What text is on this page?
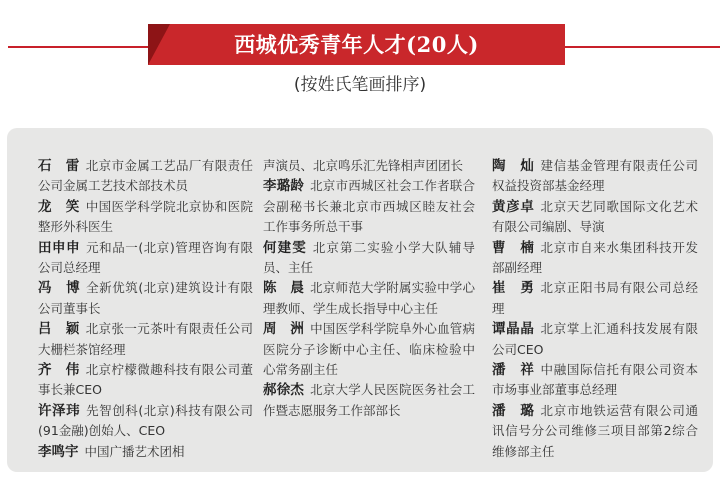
西城优秀青年人才(20人)
(按姓氏笔画排序)
石　雷 北京市金属工艺品厂有限责任公司金属工艺技术部技术员
龙　笑 中国医学科学院北京协和医院整形外科医生
田申申 元和品一(北京)管理咨询有限公司总经理
冯　博 全新优筑(北京)建筑设计有限公司董事长
吕　颖 北京张一元茶叶有限责任公司大栅栏茶馆经理
齐　伟 北京柠檬微趣科技有限公司董事长兼CEO
许泽玮 先智创科(北京)科技有限公司(91金融)创始人、CEO
李鸣宇 中国广播艺术团相
声演员、北京鸣乐汇先锋相声团团长
李璐龄 北京市西城区社会工作者联合会副秘书长兼北京市西城区睦友社会工作事务所总干事
何建雯 北京第二实验小学大队辅导员、主任
陈　晨 北京师范大学附属实验中学心理教师、学生成长指导中心主任
周　洲 中国医学科学院阜外心血管病医院分子诊断中心主任、临床检验中心常务副主任
郝徐杰 北京大学人民医院医务社会工作暨志愿服务工作部部长
陶　灿 建信基金管理有限责任公司权益投资部基金经理
黄彦卓 北京天艺同歌国际文化艺术有限公司编剧、导演
曹　楠 北京市自来水集团科技开发部副经理
崔　勇 北京正阳书局有限公司总经理
谭晶晶 北京掌上汇通科技发展有限公司CEO
潘　祥 中融国际信托有限公司资本市场事业部董事总经理
潘　璐 北京市地铁运营有限公司通讯信号分公司维修三项目部第2综合维修部主任
